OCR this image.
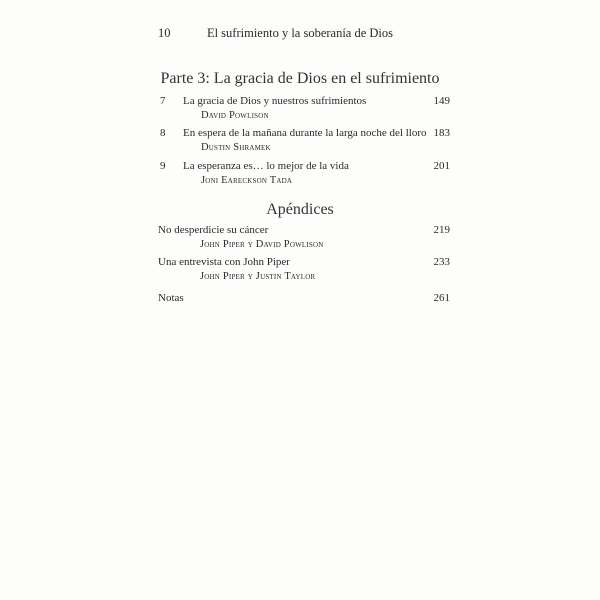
10	El sufrimiento y la soberanía de Dios
Parte 3: La gracia de Dios en el sufrimiento
7 La gracia de Dios y nuestros sufrimientos	149
David Powlison
8 En espera de la mañana durante la larga noche del lloro 183
Dustin Shramek
9 La esperanza es… lo mejor de la vida	201
Joni Eareckson Tada
Apéndices
No desperdicie su cáncer	219
John Piper y David Powlison
Una entrevista con John Piper	233
John Piper y Justin Taylor
Notas	261
